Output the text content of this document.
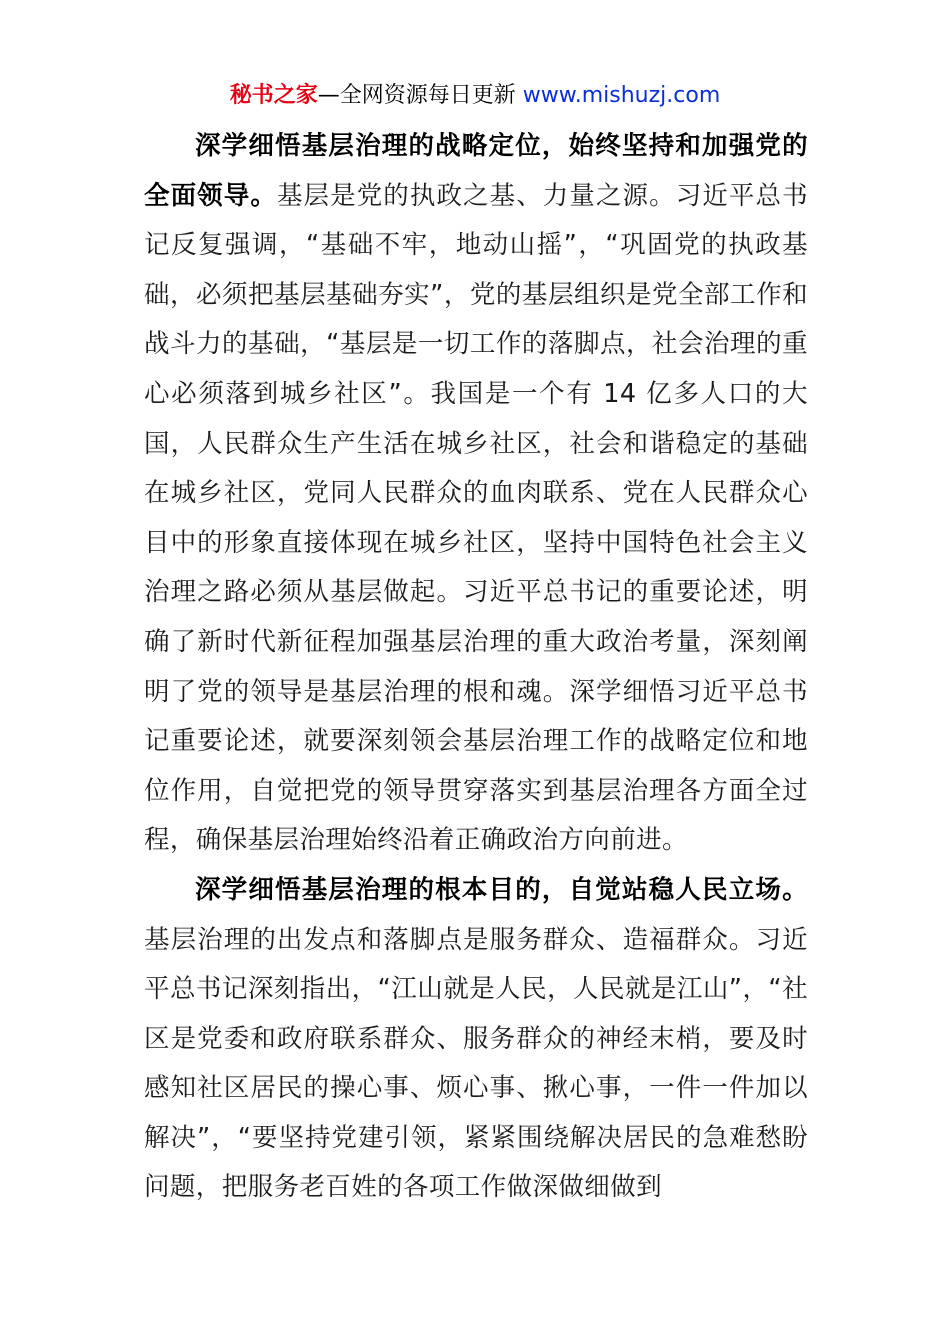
秘书之家—全网资源每日更新 www.mishuzj.com

深学细悟基层治理的战略定位，始终坚持和加强党的全面领导。基层是党的执政之基、力量之源。习近平总书记反复强调，“基础不牢，地动山摇”，“巩固党的执政基础，必须把基层基础夯实”，党的基层组织是党全部工作和战斗力的基础，“基层是一切工作的落脚点，社会治理的重心必须落到城乡社区”。我国是一个有 14 亿多人口的大国，人民群众生产生活在城乡社区，社会和谐稳定的基础在城乡社区，党同人民群众的血肉联系、党在人民群众心目中的形象直接体现在城乡社区，坚持中国特色社会主义治理之路必须从基层做起。习近平总书记的重要论述，明确了新时代新征程加强基层治理的重大政治考量，深刻阐明了党的领导是基层治理的根和魂。深学细悟习近平总书记重要论述，就要深刻领会基层治理工作的战略定位和地位作用，自觉把党的领导贯穿落实到基层治理各方面全过程，确保基层治理始终沿着正确政治方向前进。

深学细悟基层治理的根本目的，自觉站稳人民立场。基层治理的出发点和落脚点是服务群众、造福群众。习近平总书记深刻指出，“江山就是人民，人民就是江山”，“社区是党委和政府联系群众、服务群众的神经末梢，要及时感知社区居民的操心事、烦心事、揪心事，一件一件加以解决”，“要坚持党建引领，紧紧围绕解决居民的急难愁盼问题，把服务老百姓的各项工作做深做细做到
